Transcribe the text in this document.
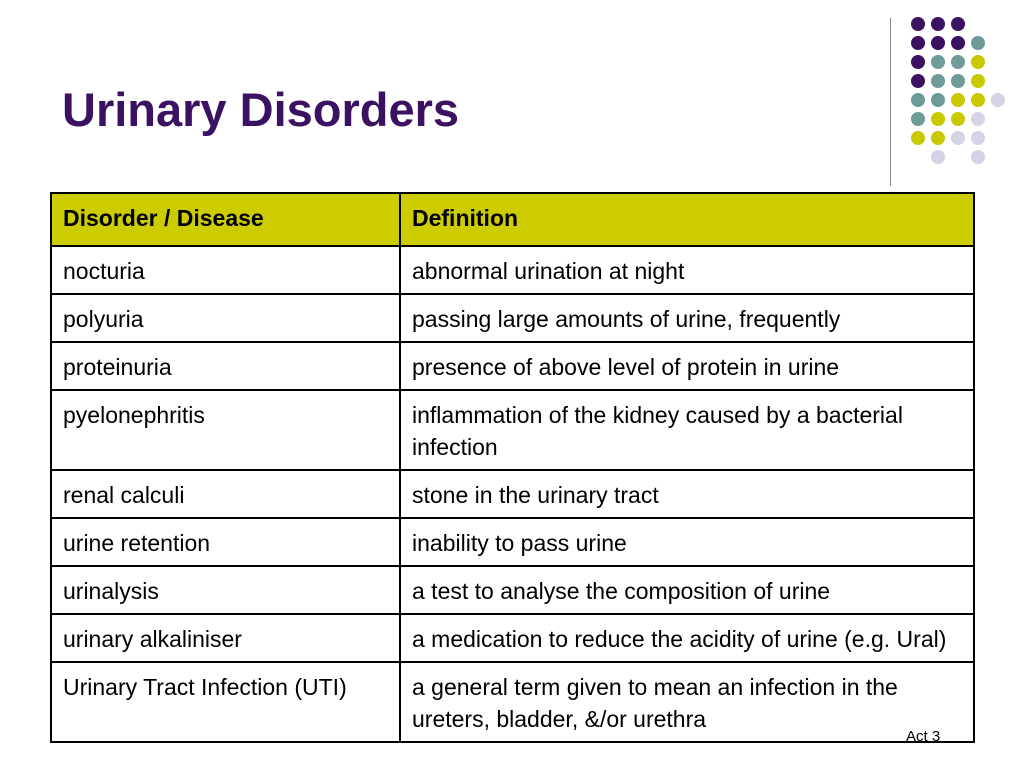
Urinary Disorders
Disorder / Disease	Definition
nocturia	abnormal urination at night
polyuria	passing large amounts of urine, frequently
proteinuria	presence of above level of protein in urine
pyelonephritis	inflammation of the kidney caused by a bacterial infection
renal calculi	stone in the urinary tract
urine retention	inability to pass urine
urinalysis	a test to analyse the composition of urine
urinary alkaliniser	a medication to reduce the acidity of urine (e.g. Ural)
Urinary Tract Infection (UTI)	a general term given to mean an infection in the ureters, bladder, &/or urethra
Act 3
